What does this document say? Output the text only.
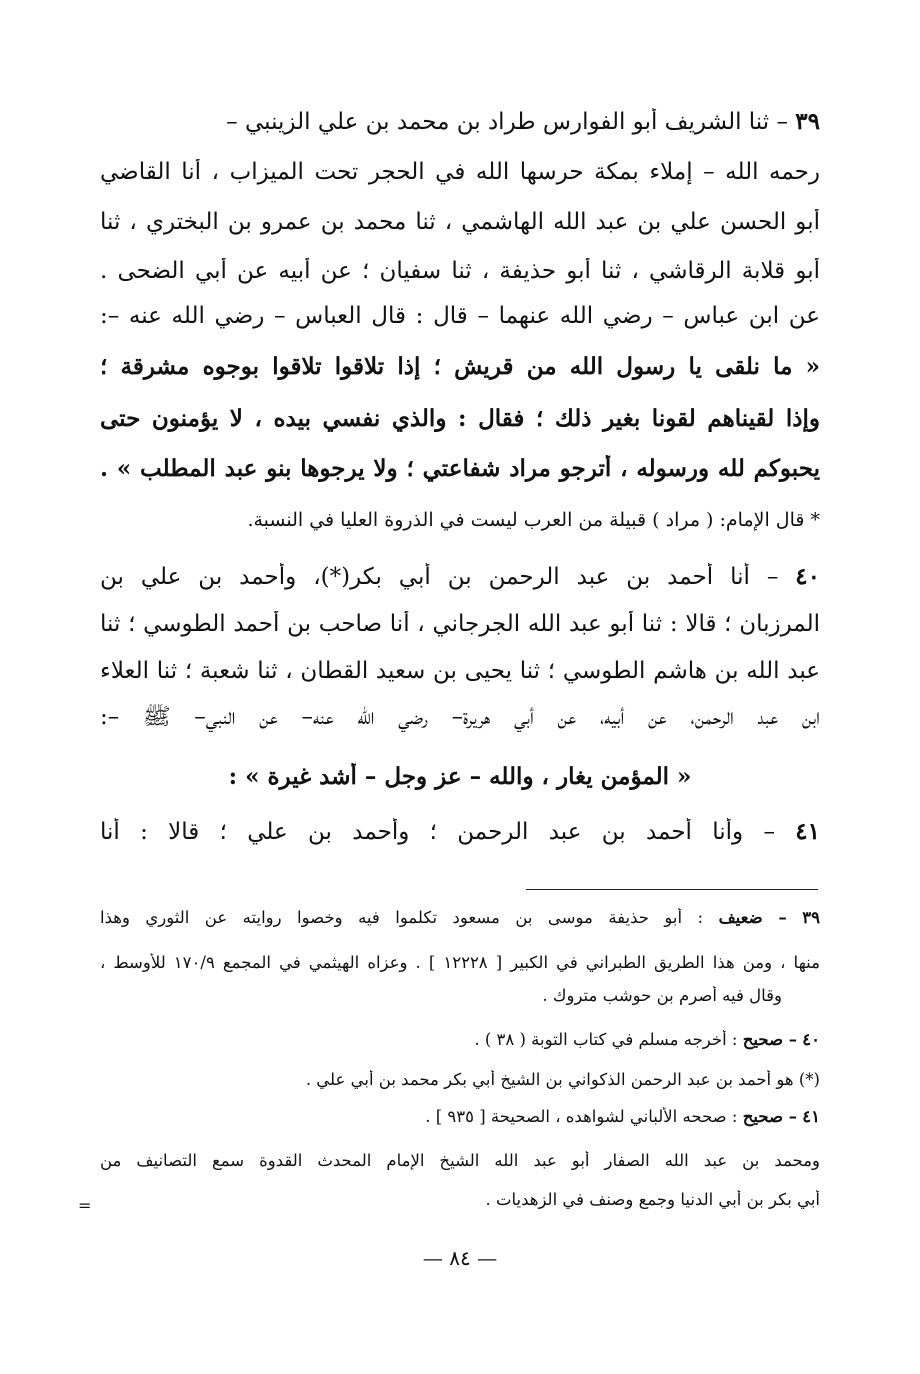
٣٩ – ثنا الشريف أبو الفوارس طراد بن محمد بن علي الزينبي –
رحمه الله – إملاء بمكة حرسها الله في الحجر تحت الميزاب ، أنا القاضي
أبو الحسن علي بن عبد الله الهاشمي ، ثنا محمد بن عمرو بن البختري ، ثنا
أبو قلابة الرقاشي ، ثنا أبو حذيفة ، ثنا سفيان ؛ عن أبيه عن أبي الضحى .
عن ابن عباس – رضي الله عنهما – قال : قال العباس – رضي الله عنه –:
« ما نلقى يا رسول الله من قريش ؛ إذا تلاقوا تلاقوا بوجوه مشرقة ؛
وإذا لقيناهم لقونا بغير ذلك ؛ فقال : والذي نفسي بيده ، لا يؤمنون حتى
يحبوكم لله ورسوله ، أترجو مراد شفاعتي ؛ ولا يرجوها بنو عبد المطلب » .
* قال الإمام: ( مراد ) قبيلة من العرب ليست في الذروة العليا في النسبة.
٤٠ – أنا أحمد بن عبد الرحمن بن أبي بكر(*)، وأحمد بن علي بن
المرزبان ؛ قالا : ثنا أبو عبد الله الجرجاني ، أنا صاحب بن أحمد الطوسي ؛ ثنا
عبد الله بن هاشم الطوسي ؛ ثنا يحيى بن سعيد القطان ، ثنا شعبة ؛ ثنا العلاء
ابن عبد الرحمن، عن أبيه، عن أبي هريرة– رضي الله عنه– عن النبي– ﷺ –:
« المؤمن يغار ، والله – عز وجل – أشد غيرة » :
٤١ – وأنا أحمد بن عبد الرحمن ؛ وأحمد بن علي ؛ قالا : أنا
٣٩ – ضعيف : أبو حذيفة موسى بن مسعود تكلموا فيه وخصوا روايته عن الثوري وهذا
منها ، ومن هذا الطريق الطبراني في الكبير [ ١٢٢٢٨ ] . وعزاه الهيثمي في المجمع ١٧٠/٩ للأوسط ،
وقال فيه أصرم بن حوشب متروك .
٤٠ – صحيح : أخرجه مسلم في كتاب التوبة ( ٣٨ ) .
(*) هو أحمد بن عبد الرحمن الذكواني بن الشيخ أبي بكر محمد بن أبي علي .
٤١ – صحيح : صححه الألباني لشواهده ، الصحيحة [ ٩٣٥ ] .
ومحمد بن عبد الله الصفار أبو عبد الله الشيخ الإمام المحدث القدوة سمع التصانيف من
أبي بكر بن أبي الدنيا وجمع وصنف في الزهديات .
=
— ٨٤ —
